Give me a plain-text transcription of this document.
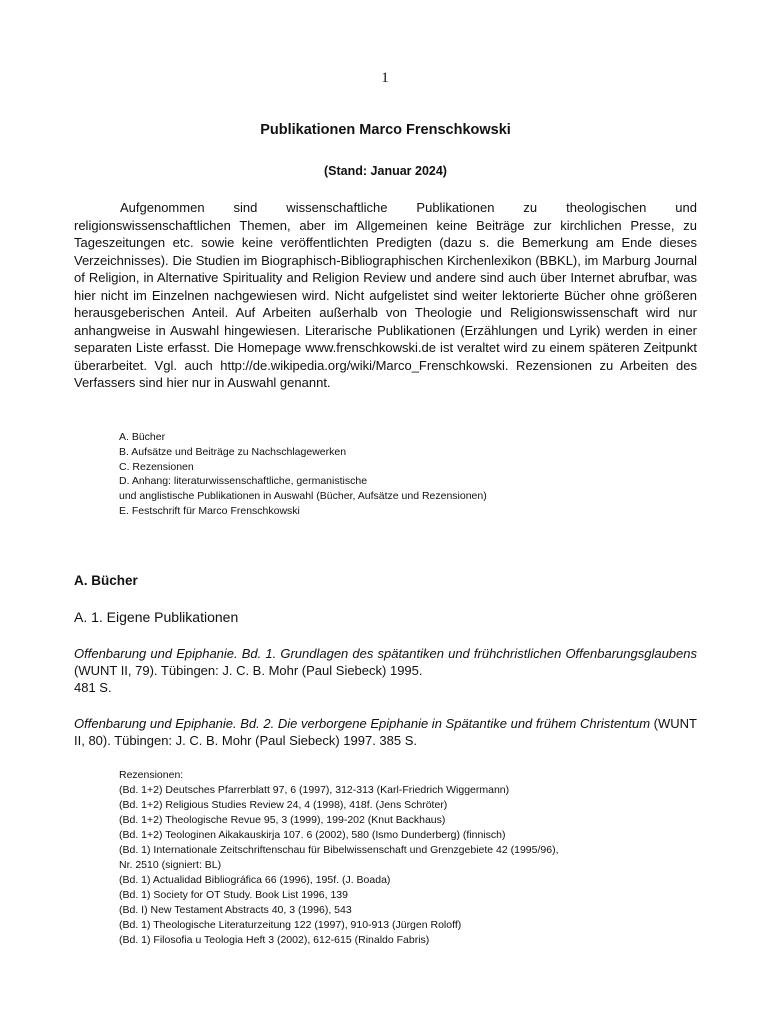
1
Publikationen Marco Frenschkowski
(Stand: Januar 2024)

Aufgenommen sind wissenschaftliche Publikationen zu theologischen und religionswissenschaftlichen Themen, aber im Allgemeinen keine Beiträge zur kirchlichen Presse, zu Tageszeitungen etc. sowie keine veröffentlichten Predigten (dazu s. die Bemerkung am Ende dieses Verzeichnisses). Die Studien im Biographisch-Bibliographischen Kirchenlexikon (BBKL), im Marburg Journal of Religion, in Alternative Spirituality and Religion Review und andere sind auch über Internet abrufbar, was hier nicht im Einzelnen nachgewiesen wird. Nicht aufgelistet sind weiter lektorierte Bücher ohne größeren herausgeberischen Anteil. Auf Arbeiten außerhalb von Theologie und Religionswissenschaft wird nur anhangweise in Auswahl hingewiesen. Literarische Publikationen (Erzählungen und Lyrik) werden in einer separaten Liste erfasst. Die Homepage www.frenschkowski.de ist veraltet wird zu einem späteren Zeitpunkt überarbeitet. Vgl. auch http://de.wikipedia.org/wiki/Marco_Frenschkowski. Rezensionen zu Arbeiten des Verfassers sind hier nur in Auswahl genannt.

A. Bücher
B. Aufsätze und Beiträge zu Nachschlagewerken
C. Rezensionen
D. Anhang: literaturwissenschaftliche, germanistische
und anglistische Publikationen in Auswahl (Bücher, Aufsätze und Rezensionen)
E. Festschrift für Marco Frenschkowski
A. Bücher
A. 1. Eigene Publikationen

Offenbarung und Epiphanie. Bd. 1. Grundlagen des spätantiken und frühchristlichen Offenbarungsglaubens (WUNT II, 79). Tübingen: J. C. B. Mohr (Paul Siebeck) 1995.
481 S.

Offenbarung und Epiphanie. Bd. 2. Die verborgene Epiphanie in Spätantike und frühem Christentum (WUNT II, 80). Tübingen: J. C. B. Mohr (Paul Siebeck) 1997. 385 S.

Rezensionen:
(Bd. 1+2) Deutsches Pfarrerblatt 97, 6 (1997), 312-313 (Karl-Friedrich Wiggermann)
(Bd. 1+2) Religious Studies Review 24, 4 (1998), 418f. (Jens Schröter)
(Bd. 1+2) Theologische Revue 95, 3 (1999), 199-202 (Knut Backhaus)
(Bd. 1+2) Teologinen Aikakauskirja 107. 6 (2002), 580 (Ismo Dunderberg) (finnisch)
(Bd. 1) Internationale Zeitschriftenschau für Bibelwissenschaft und Grenzgebiete 42 (1995/96),
Nr. 2510 (signiert: BL)
(Bd. 1) Actualidad Bibliográfica 66 (1996), 195f. (J. Boada)
(Bd. 1) Society for OT Study. Book List 1996, 139
(Bd. I) New Testament Abstracts 40, 3 (1996), 543
(Bd. 1) Theologische Literaturzeitung 122 (1997), 910-913 (Jürgen Roloff)
(Bd. 1) Filosofia u Teologia Heft 3 (2002), 612-615 (Rinaldo Fabris)
